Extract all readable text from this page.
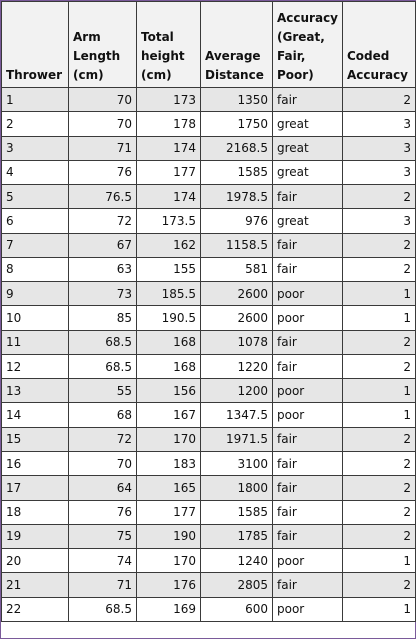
Thrower	Arm Length (cm)	Total height (cm)	Average Distance	Accuracy (Great, Fair, Poor)	Coded Accuracy
1	70	173	1350	fair	2
2	70	178	1750	great	3
3	71	174	2168.5	great	3
4	76	177	1585	great	3
5	76.5	174	1978.5	fair	2
6	72	173.5	976	great	3
7	67	162	1158.5	fair	2
8	63	155	581	fair	2
9	73	185.5	2600	poor	1
10	85	190.5	2600	poor	1
11	68.5	168	1078	fair	2
12	68.5	168	1220	fair	2
13	55	156	1200	poor	1
14	68	167	1347.5	poor	1
15	72	170	1971.5	fair	2
16	70	183	3100	fair	2
17	64	165	1800	fair	2
18	76	177	1585	fair	2
19	75	190	1785	fair	2
20	74	170	1240	poor	1
21	71	176	2805	fair	2
22	68.5	169	600	poor	1
